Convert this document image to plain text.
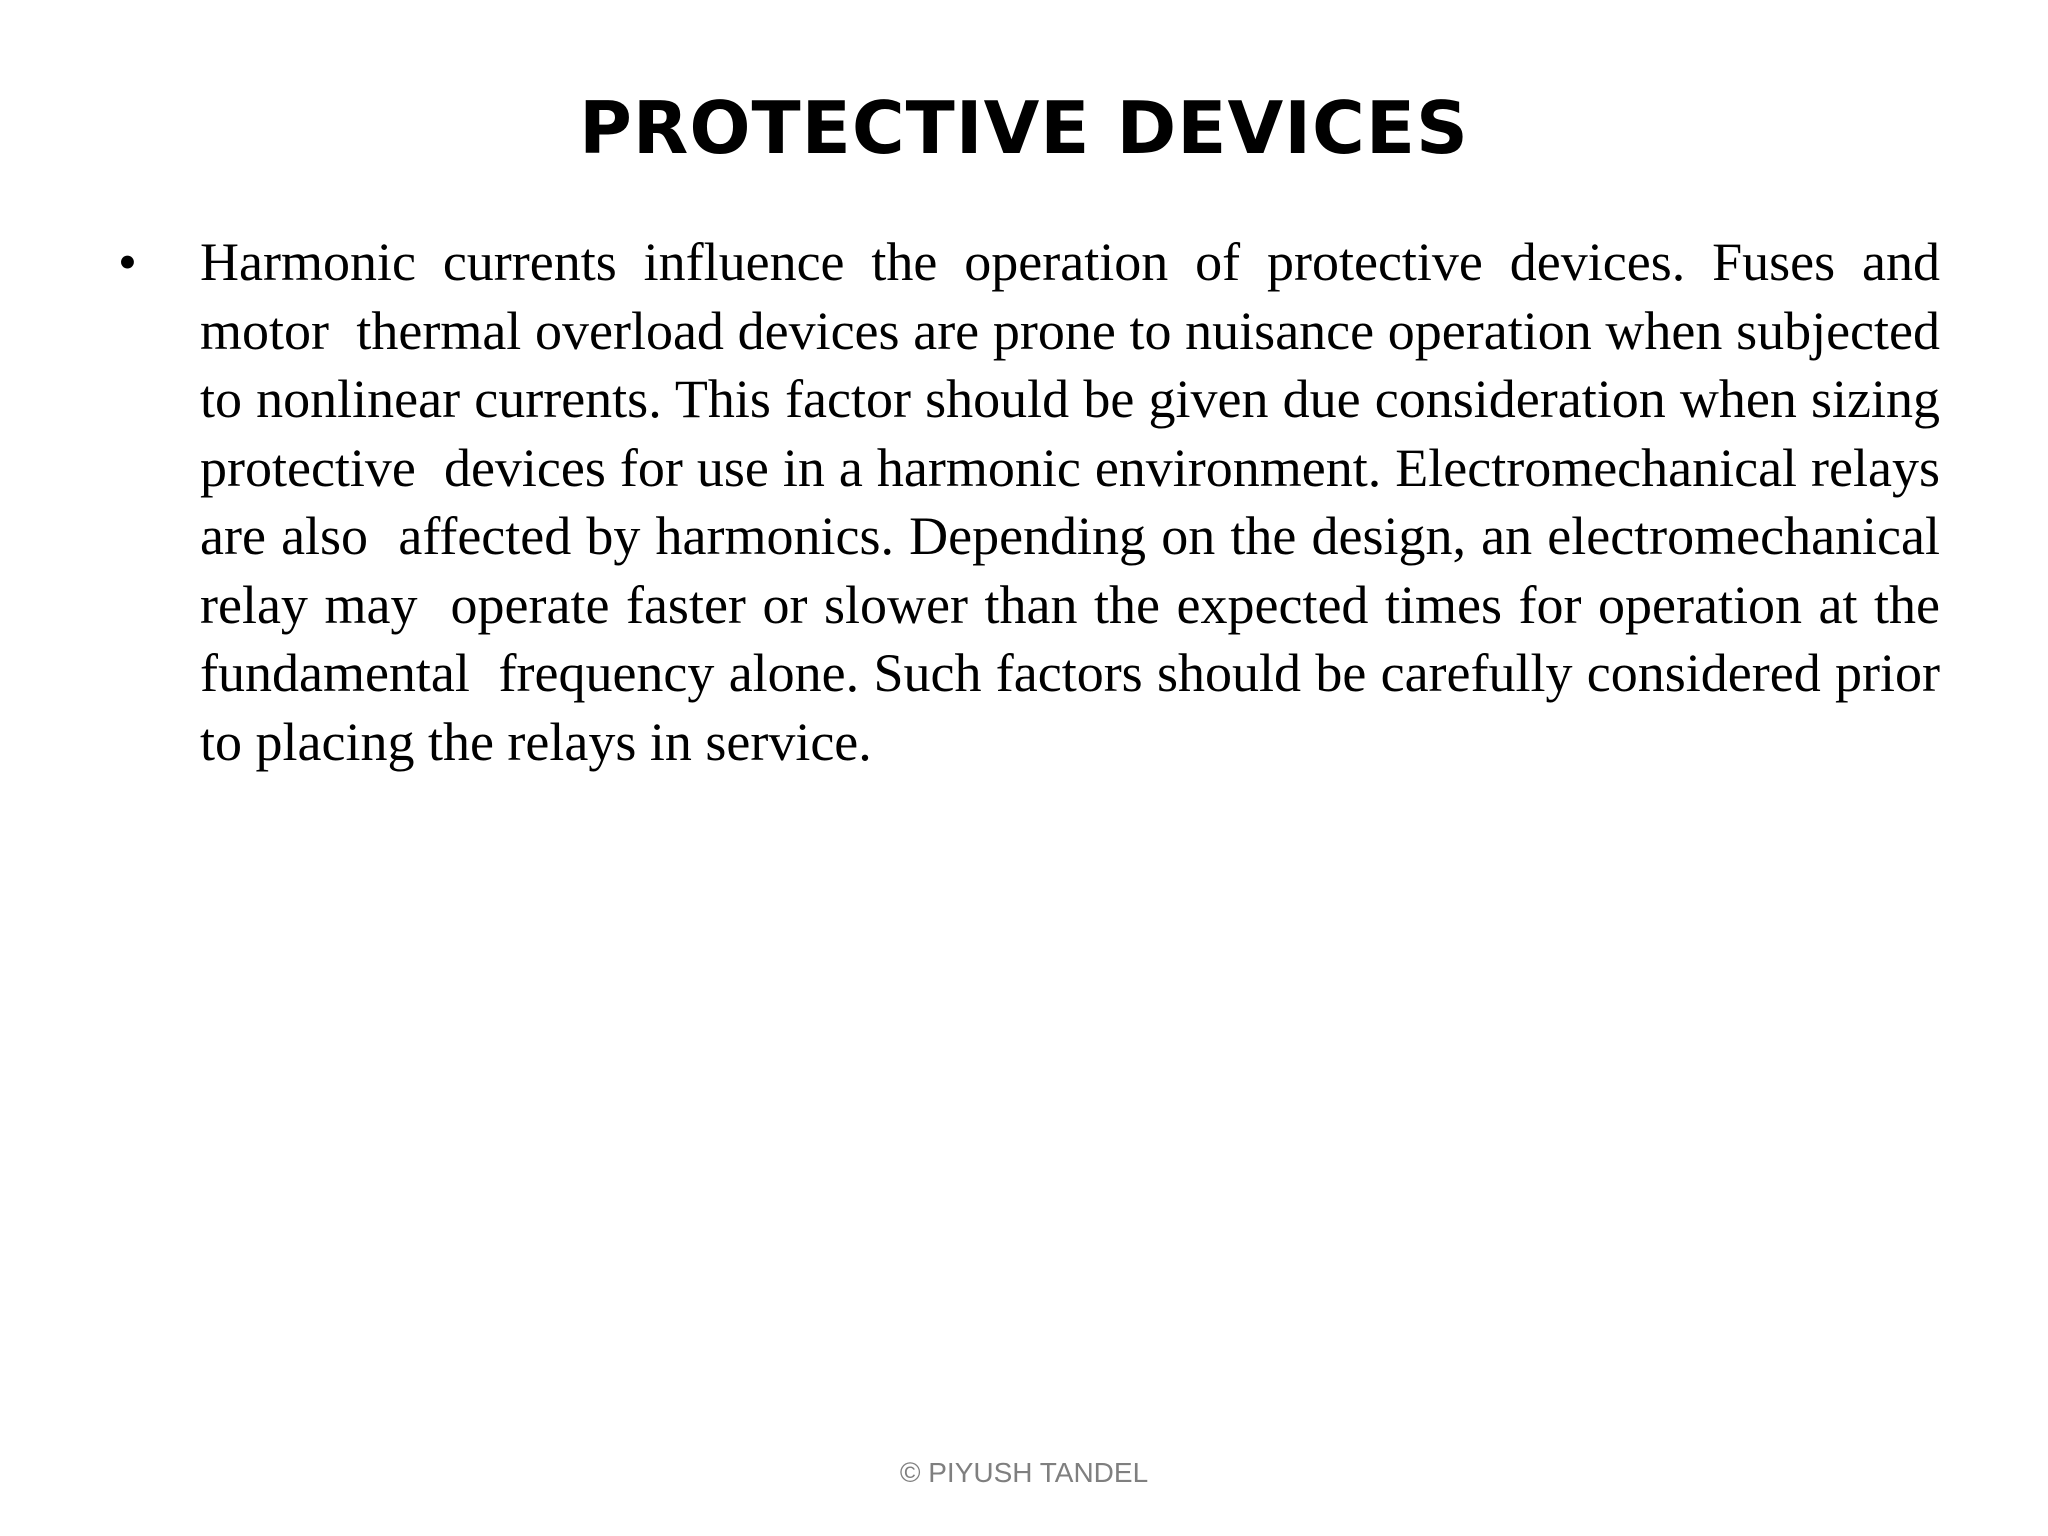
PROTECTIVE DEVICES
•	Harmonic currents influence the operation of protective devices. Fuses and motor  thermal overload devices are prone to nuisance operation when subjected to nonlinear currents. This factor should be given due consideration when sizing protective  devices for use in a harmonic environment. Electromechanical relays are also  affected by harmonics. Depending on the design, an electromechanical relay may  operate faster or slower than the expected times for operation at the fundamental  frequency alone. Such factors should be carefully considered prior to placing the relays in service.
© PIYUSH TANDEL
